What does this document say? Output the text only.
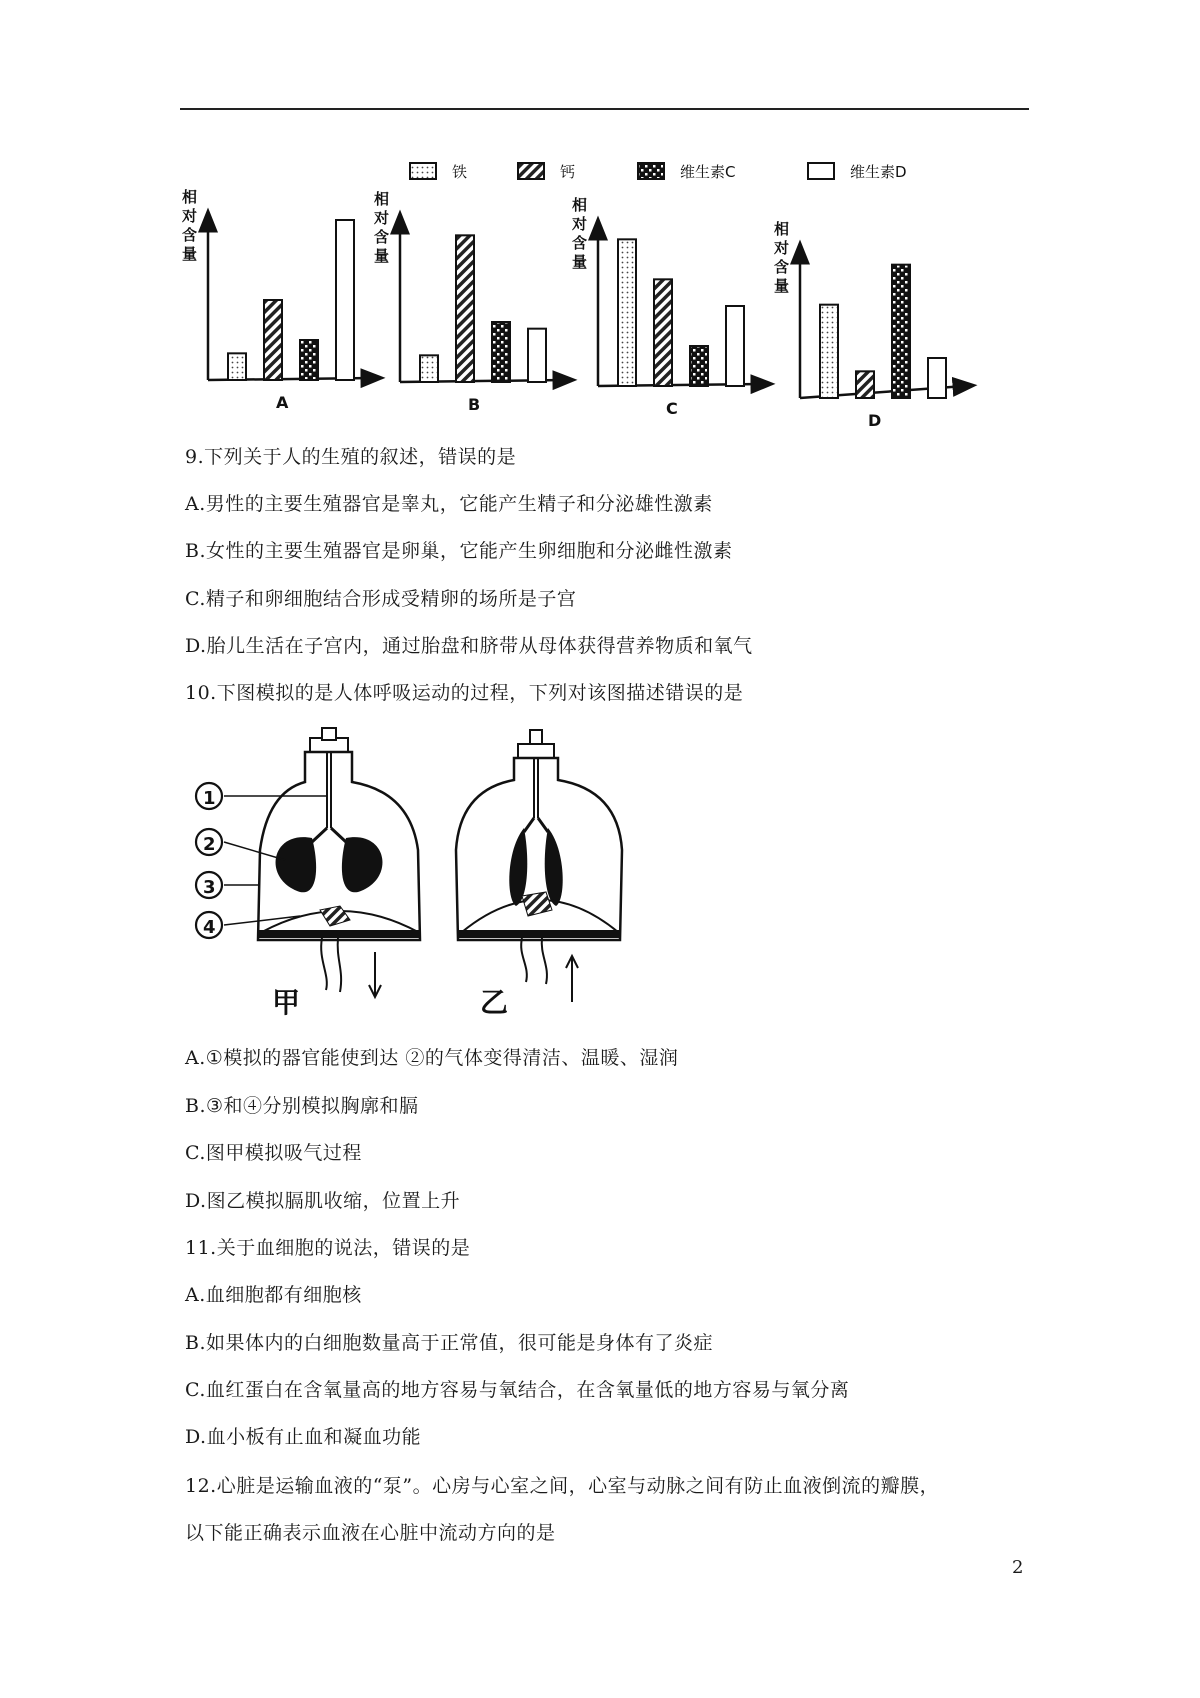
铁	钙	维生素C	维生素D
相
对
含
量
A
相
对
含
量
B
相
对
含
量
C
相
对
含
量
D
9.下列关于人的生殖的叙述，错误的是
A.男性的主要生殖器官是睾丸，它能产生精子和分泌雄性激素
B.女性的主要生殖器官是卵巢，它能产生卵细胞和分泌雌性激素
C.精子和卵细胞结合形成受精卵的场所是子宫
D.胎儿生活在子宫内，通过胎盘和脐带从母体获得营养物质和氧气
10.下图模拟的是人体呼吸运动的过程，下列对该图描述错误的是
1
2
3
4
甲	乙
A.①模拟的器官能使到达 ②的气体变得清洁、温暖、湿润
B.③和④分别模拟胸廓和膈
C.图甲模拟吸气过程
D.图乙模拟膈肌收缩，位置上升
11.关于血细胞的说法，错误的是
A.血细胞都有细胞核
B.如果体内的白细胞数量高于正常值，很可能是身体有了炎症
C.血红蛋白在含氧量高的地方容易与氧结合，在含氧量低的地方容易与氧分离
D.血小板有止血和凝血功能
12.心脏是运输血液的“泵”。心房与心室之间，心室与动脉之间有防止血液倒流的瓣膜，
以下能正确表示血液在心脏中流动方向的是
2
